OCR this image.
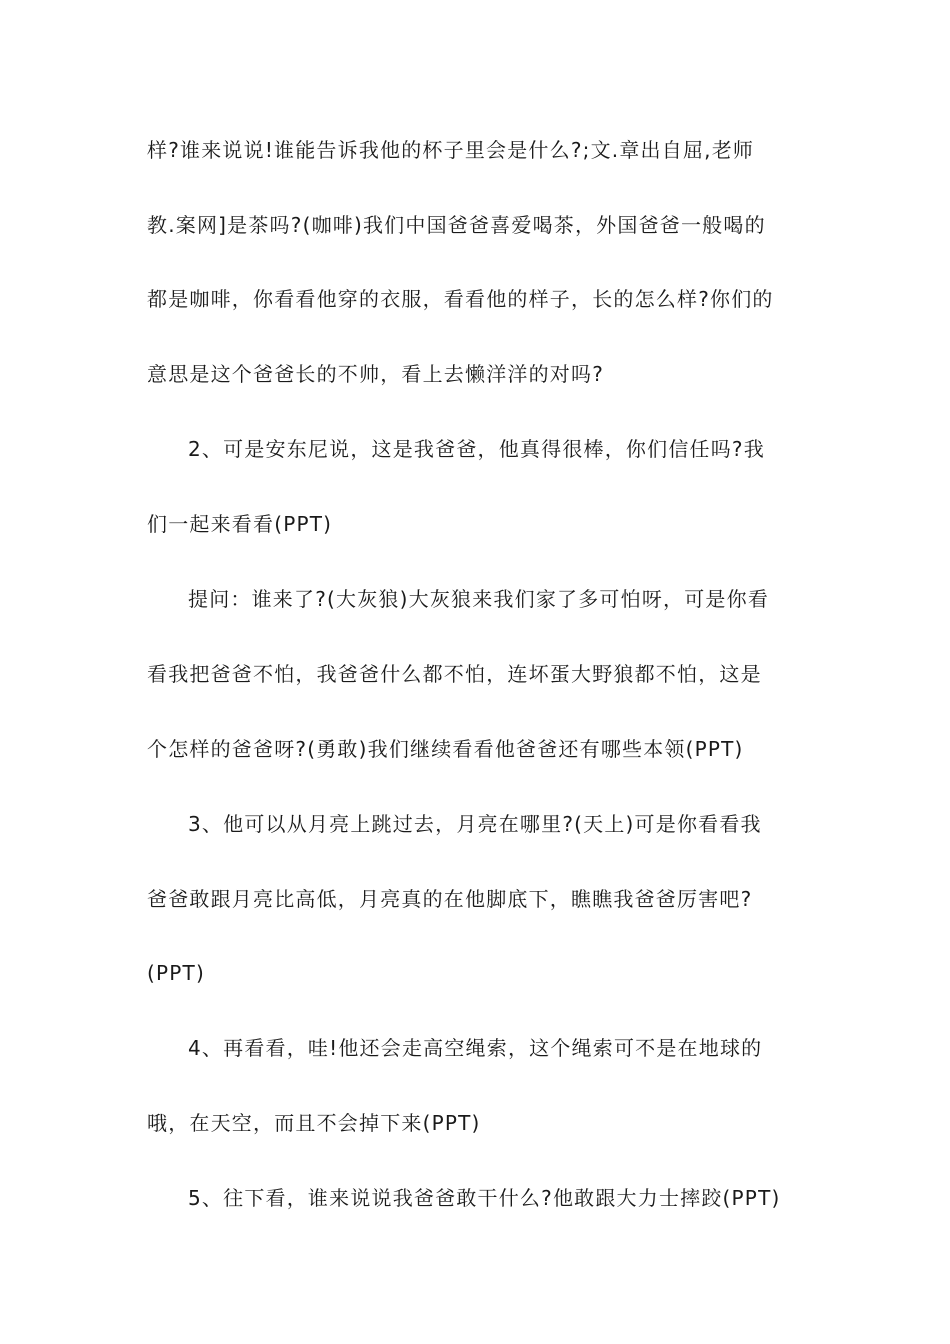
样?谁来说说!谁能告诉我他的杯子里会是什么?;文.章出自屈,老师
教.案网]是茶吗?(咖啡)我们中国爸爸喜爱喝茶，外国爸爸一般喝的
都是咖啡，你看看他穿的衣服，看看他的样子，长的怎么样?你们的
意思是这个爸爸长的不帅，看上去懒洋洋的对吗?
2、可是安东尼说，这是我爸爸，他真得很棒，你们信任吗?我
们一起来看看(PPT)
提问：谁来了?(大灰狼)大灰狼来我们家了多可怕呀，可是你看
看我把爸爸不怕，我爸爸什么都不怕，连坏蛋大野狼都不怕，这是
个怎样的爸爸呀?(勇敢)我们继续看看他爸爸还有哪些本领(PPT)
3、他可以从月亮上跳过去，月亮在哪里?(天上)可是你看看我
爸爸敢跟月亮比高低，月亮真的在他脚底下，瞧瞧我爸爸厉害吧?
(PPT)
4、再看看，哇!他还会走高空绳索，这个绳索可不是在地球的
哦，在天空，而且不会掉下来(PPT)
5、往下看，谁来说说我爸爸敢干什么?他敢跟大力士摔跤(PPT)
